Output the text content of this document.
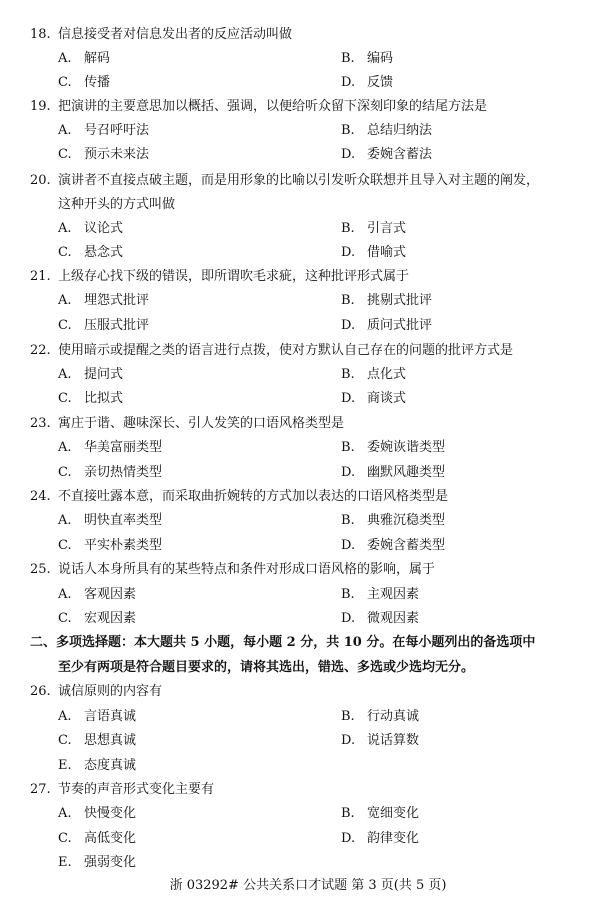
18. 信息接受者对信息发出者的反应活动叫做
A. 解码	B. 编码
C. 传播	D. 反馈
19. 把演讲的主要意思加以概括、强调，以便给听众留下深刻印象的结尾方法是
A. 号召呼吁法	B. 总结归纳法
C. 预示未来法	D. 委婉含蓄法
20. 演讲者不直接点破主题，而是用形象的比喻以引发听众联想并且导入对主题的阐发，
这种开头的方式叫做
A. 议论式	B. 引言式
C. 悬念式	D. 借喻式
21. 上级存心找下级的错误，即所谓吹毛求疵，这种批评形式属于
A. 埋怨式批评	B. 挑剔式批评
C. 压服式批评	D. 质问式批评
22. 使用暗示或提醒之类的语言进行点拨，使对方默认自己存在的问题的批评方式是
A. 提问式	B. 点化式
C. 比拟式	D. 商谈式
23. 寓庄于谐、趣味深长、引人发笑的口语风格类型是
A. 华美富丽类型	B. 委婉诙谐类型
C. 亲切热情类型	D. 幽默风趣类型
24. 不直接吐露本意，而采取曲折婉转的方式加以表达的口语风格类型是
A. 明快直率类型	B. 典雅沉稳类型
C. 平实朴素类型	D. 委婉含蓄类型
25. 说话人本身所具有的某些特点和条件对形成口语风格的影响，属于
A. 客观因素	B. 主观因素
C. 宏观因素	D. 微观因素
二、多项选择题：本大题共 5 小题，每小题 2 分，共 10 分。在每小题列出的备选项中
至少有两项是符合题目要求的，请将其选出，错选、多选或少选均无分。
26. 诚信原则的内容有
A. 言语真诚	B. 行动真诚
C. 思想真诚	D. 说话算数
E. 态度真诚
27. 节奏的声音形式变化主要有
A. 快慢变化	B. 宽细变化
C. 高低变化	D. 韵律变化
E. 强弱变化
浙 03292# 公共关系口才试题 第 3 页(共 5 页)
